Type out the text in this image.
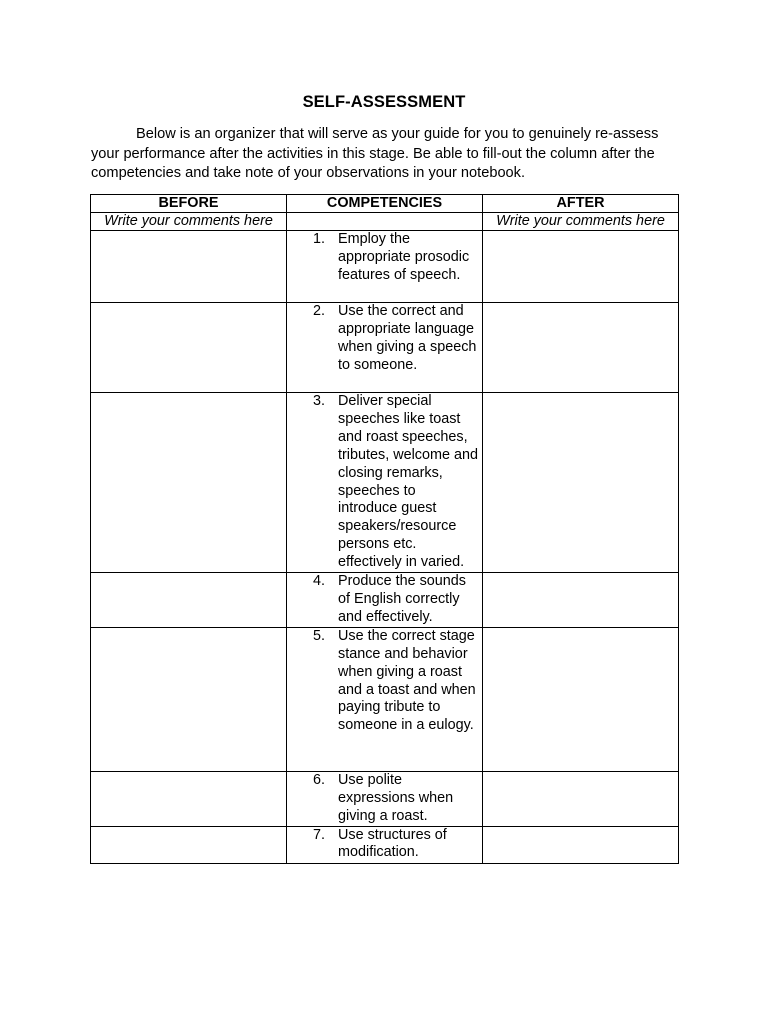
SELF-ASSESSMENT

Below is an organizer that will serve as your guide for you to genuinely re-assess your performance after the activities in this stage. Be able to fill-out the column after the competencies and take note of your observations in your notebook.

BEFORE	COMPETENCIES	AFTER
Write your comments here		Write your comments here

	1. Employ the appropriate prosodic features of speech.	

	2. Use the correct and appropriate language when giving a speech to someone.	

	3. Deliver special speeches like toast and roast speeches, tributes, welcome and closing remarks, speeches to introduce guest speakers/resource persons etc. effectively in varied.	

	4. Produce the sounds of English correctly and effectively.	

	5. Use the correct stage stance and behavior when giving a roast and a toast and when paying tribute to someone in a eulogy.	

	6. Use polite expressions when giving a roast.	

	7. Use structures of modification.	
